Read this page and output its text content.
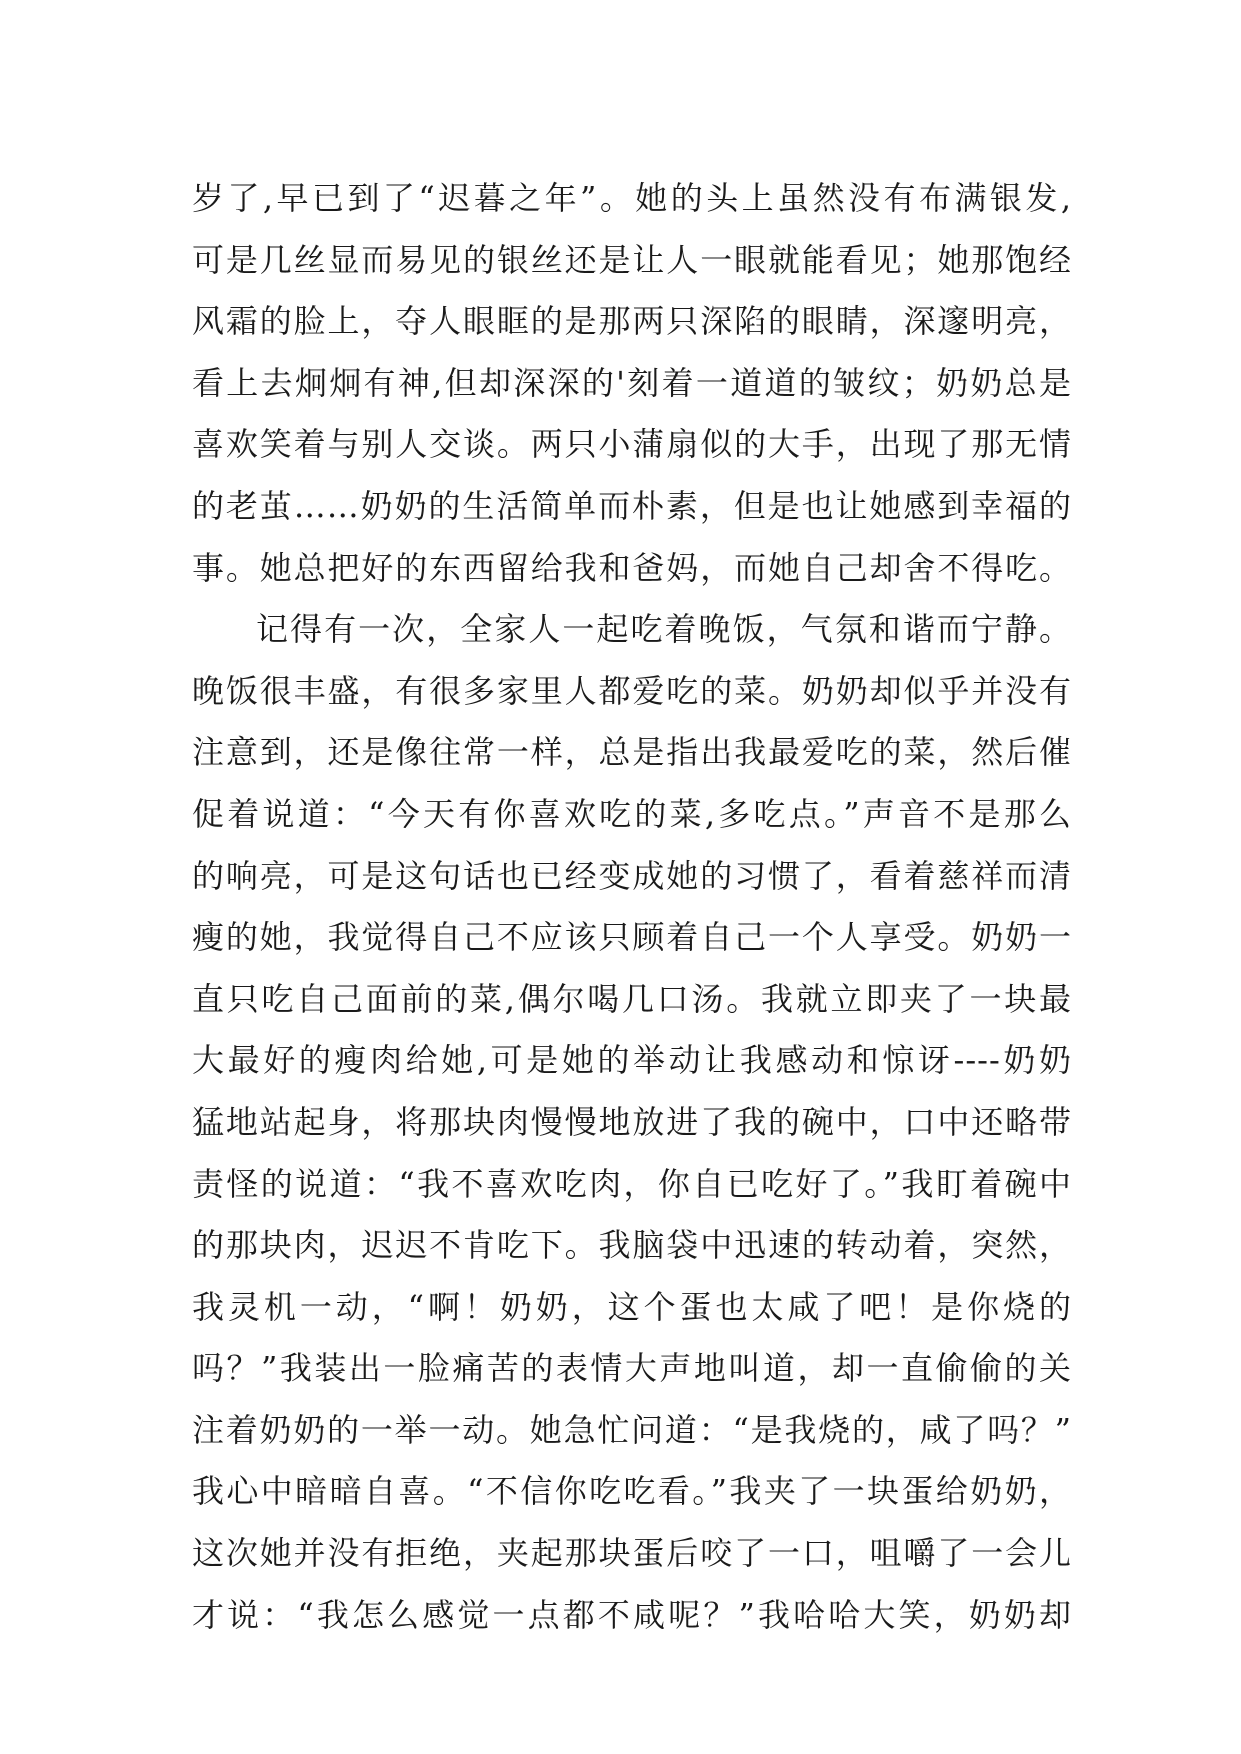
岁了,早已到了“迟暮之年”。她的头上虽然没有布满银发,
可是几丝显而易见的银丝还是让人一眼就能看见；她那饱经
风霜的脸上，夺人眼眶的是那两只深陷的眼睛，深邃明亮，
看上去炯炯有神,但却深深的'刻着一道道的皱纹；奶奶总是
喜欢笑着与别人交谈。两只小蒲扇似的大手，出现了那无情
的老茧……奶奶的生活简单而朴素，但是也让她感到幸福的
事。她总把好的东西留给我和爸妈，而她自己却舍不得吃。
记得有一次，全家人一起吃着晚饭，气氛和谐而宁静。
晚饭很丰盛，有很多家里人都爱吃的菜。奶奶却似乎并没有
注意到，还是像往常一样，总是指出我最爱吃的菜，然后催
促着说道：“今天有你喜欢吃的菜,多吃点。”声音不是那么
的响亮，可是这句话也已经变成她的习惯了，看着慈祥而清
瘦的她，我觉得自己不应该只顾着自己一个人享受。奶奶一
直只吃自己面前的菜,偶尔喝几口汤。我就立即夹了一块最
大最好的瘦肉给她,可是她的举动让我感动和惊讶----奶奶
猛地站起身，将那块肉慢慢地放进了我的碗中，口中还略带
责怪的说道：“我不喜欢吃肉，你自已吃好了。”我盯着碗中
的那块肉，迟迟不肯吃下。我脑袋中迅速的转动着，突然，
我灵机一动，“啊！奶奶，这个蛋也太咸了吧！是你烧的
吗？”我装出一脸痛苦的表情大声地叫道，却一直偷偷的关
注着奶奶的一举一动。她急忙问道：“是我烧的，咸了吗？”
我心中暗暗自喜。“不信你吃吃看。”我夹了一块蛋给奶奶，
这次她并没有拒绝，夹起那块蛋后咬了一口，咀嚼了一会儿
才说：“我怎么感觉一点都不咸呢？”我哈哈大笑，奶奶却
